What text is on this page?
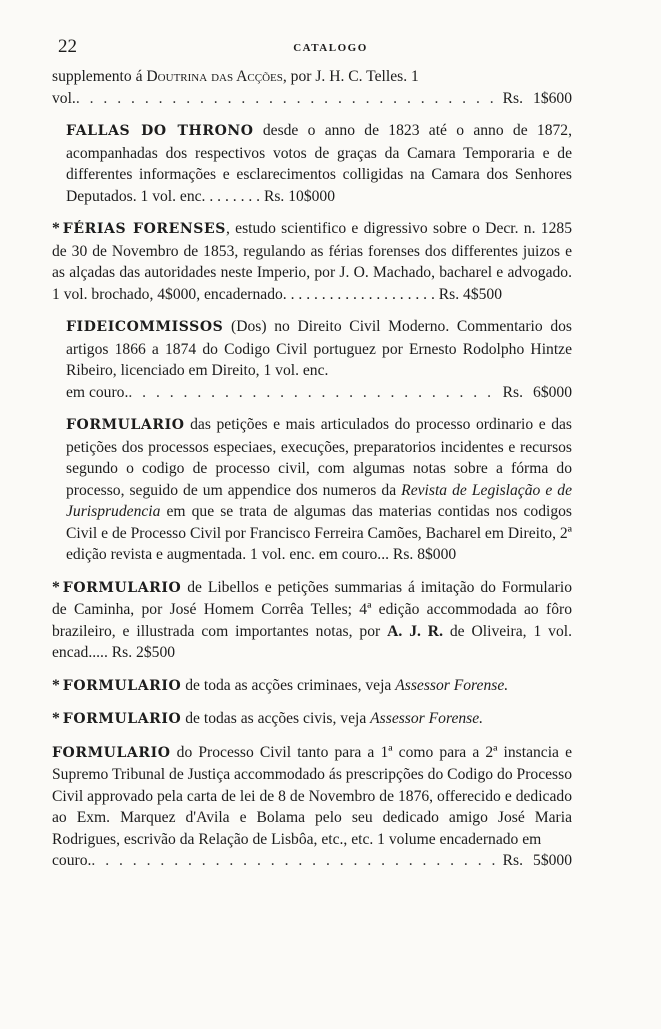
22	CATALOGO
supplemento á Doutrina das Acções, por J. H. C. Telles. 1
vol. . . .	Rs. 1$600
FALLAS DO THRONO desde o anno de 1823 até o anno de 1872, acompanhadas dos respectivos votos de graças da Camara Temporaria e de differentes informações e esclarecimentos colligidas na Camara dos Senhores Deputados. 1 vol. enc. . . . . . . . Rs. 10$000
* FÉRIAS FORENSES, estudo scientifico e digressivo sobre o Decr. n. 1285 de 30 de Novembro de 1853, regulando as férias forenses dos differentes juizos e as alçadas das autoridades neste Imperio, por J. O. Machado, bacharel e advogado. 1 vol. brochado, 4$000, encadernado. . . . . . . . . . . . . . . . . . . . Rs. 4$500
FIDEICOMMISSOS (Dos) no Direito Civil Moderno. Commentario dos artigos 1866 a 1874 do Codigo Civil portuguez por Ernesto Rodolpho Hintze Ribeiro, licenciado em Direito, 1 vol. enc.
em couro. . . .	Rs. 6$000
FORMULARIO das petições e mais articulados do processo ordinario e das petições dos processos especiaes, execuções, preparatorios incidentes e recursos segundo o codigo de processo civil, com algumas notas sobre a fórma do processo, seguido de um appendice dos numeros da Revista de Legislação e de Jurisprudencia em que se trata de algumas das materias contidas nos codigos Civil e de Processo Civil por Francisco Ferreira Camões, Bacharel em Direito, 2ª edição revista e augmentada. 1 vol. enc. em couro... Rs. 8$000
* FORMULARIO de Libellos e petições summarias á imitação do Formulario de Caminha, por José Homem Corrêa Telles; 4ª edição accommodada ao fôro brazileiro, e illustrada com importantes notas, por A. J. R. de Oliveira, 1 vol. encad..... Rs. 2$500
* FORMULARIO de toda as acções criminaes, veja Assessor Forense.
* FORMULARIO de todas as acções civis, veja Assessor Forense.
FORMULARIO do Processo Civil tanto para a 1ª como para a 2ª instancia e Supremo Tribunal de Justiça accommodado ás prescripções do Codigo do Processo Civil approvado pela carta de lei de 8 de Novembro de 1876, offerecido e dedicado ao Exm. Marquez d'Avila e Bolama pelo seu dedicado amigo José Maria Rodrigues, escrivão da Relação de Lisbôa, etc., etc. 1 volume encadernado em
couro. . . .	Rs. 5$000
